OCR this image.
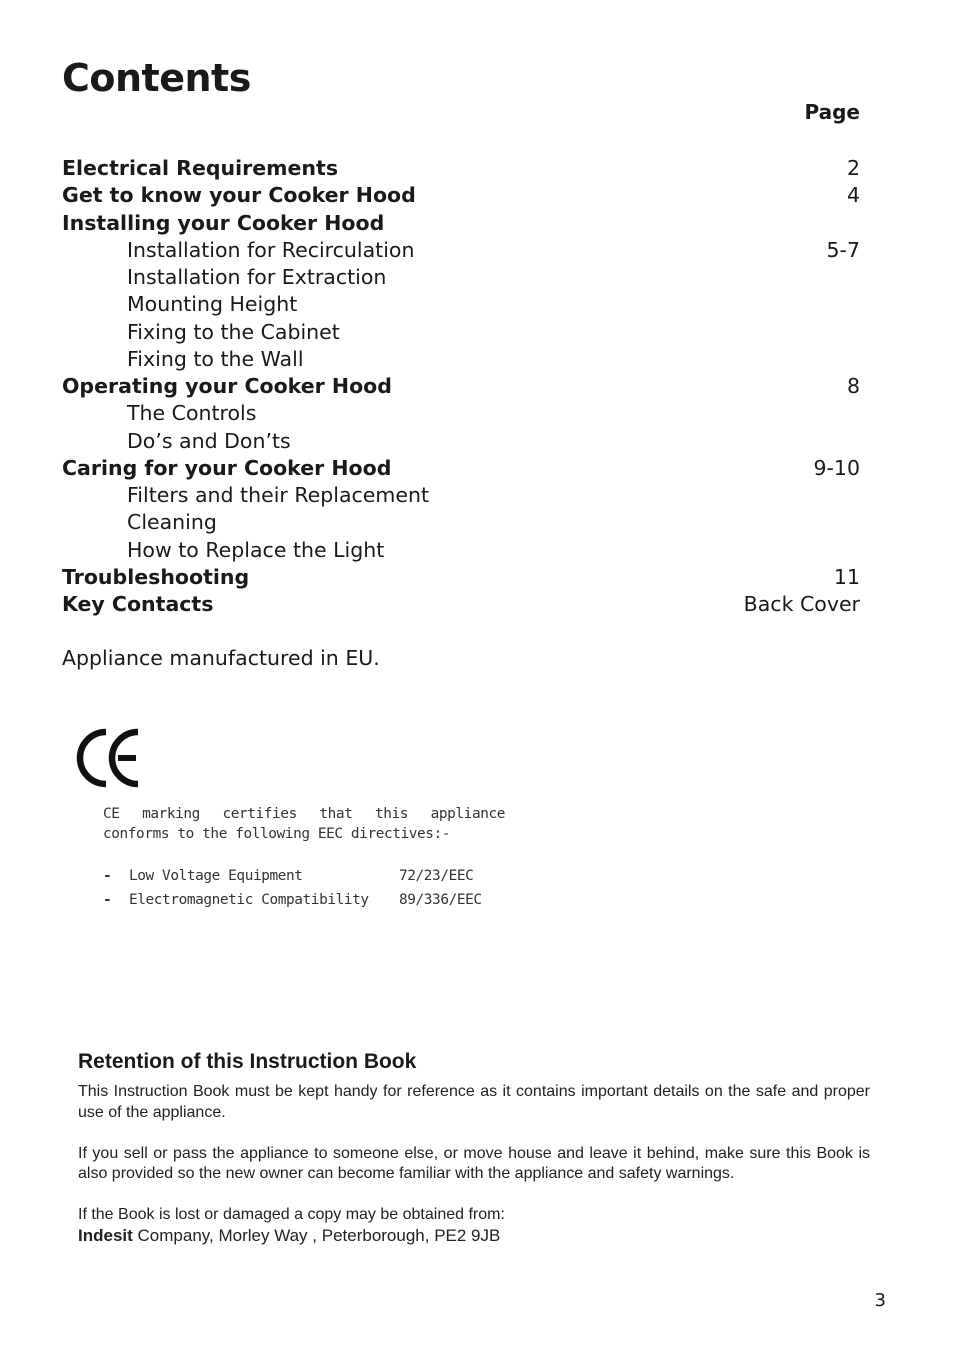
Contents
Page
Electrical Requirements	2
Get to know your Cooker Hood	4
Installing your Cooker Hood
Installation for Recirculation	5-7
Installation for Extraction
Mounting Height
Fixing to the Cabinet
Fixing to the Wall
Operating your Cooker Hood	8
The Controls
Do’s and Don’ts
Caring for your Cooker Hood	9-10
Filters and their Replacement
Cleaning
How to Replace the Light
Troubleshooting	11
Key Contacts	Back Cover
Appliance manufactured in EU.
CE marking certifies that this appliance conforms to the following EEC directives:-
-	Low Voltage Equipment	72/23/EEC
-	Electromagnetic Compatibility	89/336/EEC
Retention of this Instruction Book

This Instruction Book must be kept handy for reference as it contains important details on the safe and proper use of the appliance.

If you sell or pass the appliance to someone else, or move house and leave it behind, make sure this Book is also provided so the new owner can become familiar with the appliance and safety warnings.

If the Book is lost or damaged a copy may be obtained from:
Indesit Company, Morley Way , Peterborough, PE2 9JB

3
